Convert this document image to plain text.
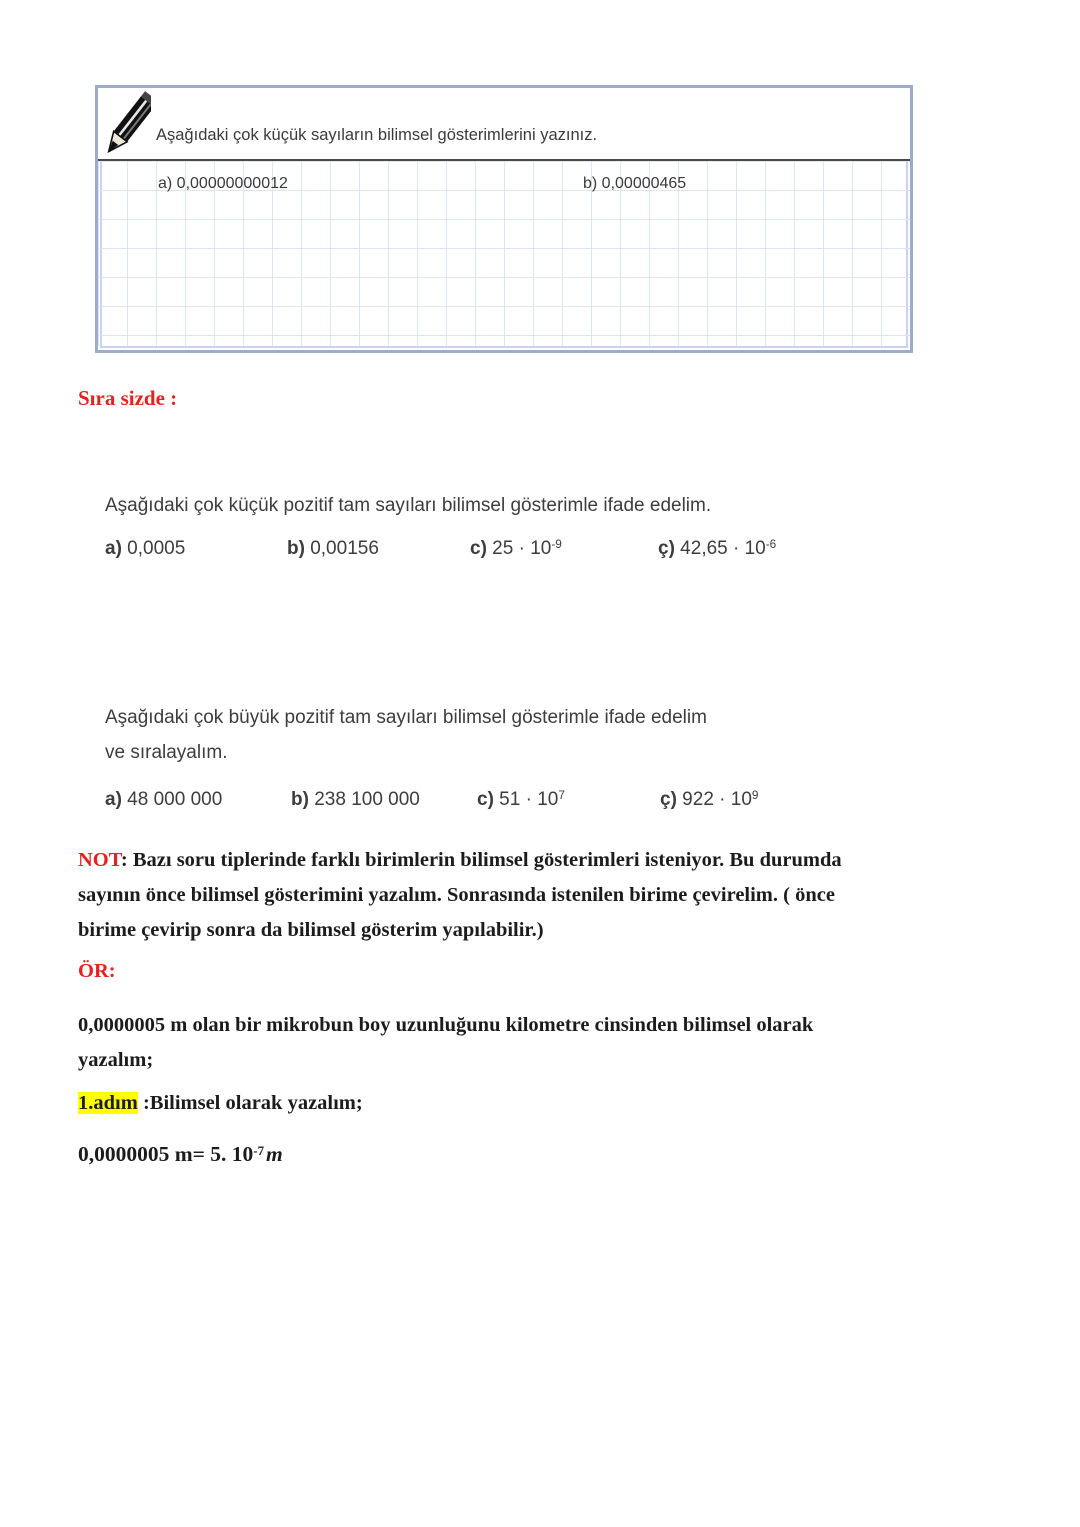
Aşağıdaki çok küçük sayıların bilimsel gösterimlerini yazınız.
a) 0,00000000012	b) 0,00000465
Sıra sizde :
Aşağıdaki çok küçük pozitif tam sayıları bilimsel gösterimle ifade edelim.
a) 0,0005	b) 0,00156	c) $25 \cdot 10^{-9}$	ç) $42,65 \cdot 10^{-6}$
Aşağıdaki çok büyük pozitif tam sayıları bilimsel gösterimle ifade edelim ve sıralayalım.
a) 48 000 000	b) 238 100 000	c) $51 \cdot 10^7$	ç) $922 \cdot 10^9$

NOT: Bazı soru tiplerinde farklı birimlerin bilimsel gösterimleri isteniyor. Bu durumda sayının önce bilimsel gösterimini yazalım. Sonrasında istenilen birime çevirelim. ( önce birime çevirip sonra da bilimsel gösterim yapılabilir.)

ÖR:

0,0000005 m olan bir mikrobun boy uzunluğunu kilometre cinsinden bilimsel olarak yazalım;

1.adım :Bilimsel olarak yazalım;
0,0000005 m= 5. $10^{-7}m$
